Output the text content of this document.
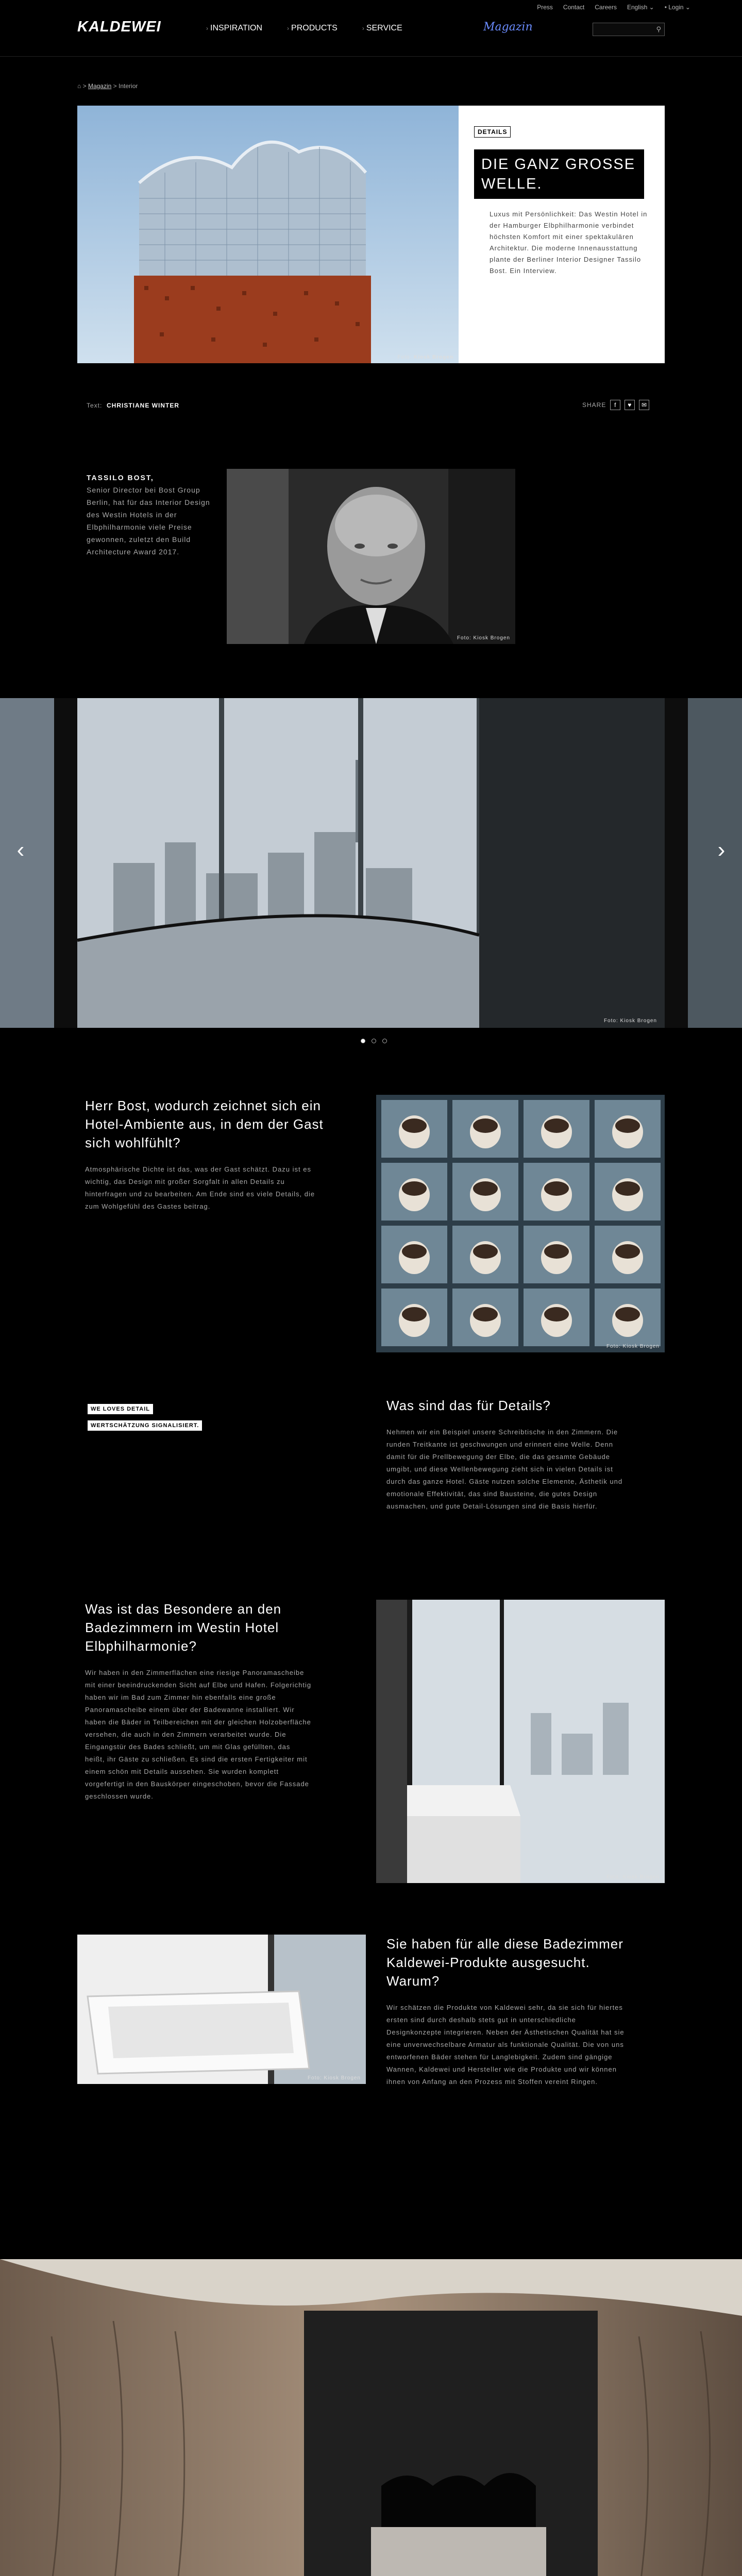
Press Contact Careers English ⌄ • Login ⌄
KALDEWEI	› INSPIRATION	› PRODUCTS	› SERVICE	Magazin	⚲
⌂ > Magazin > Interior
Foto: Kiosk Brogen
DETAILS
DIE GANZ GROSSE WELLE.
Luxus mit Persönlichkeit: Das Westin Hotel in der Hamburger Elbphilharmonie verbindet höchsten Komfort mit einer spektakulären Architektur. Die moderne Innenausstattung plante der Berliner Interior Designer Tassilo Bost. Ein Interview.
Text: CHRISTIANE WINTER	SHARE	f	♥	✉
TASSILO BOST,
Senior Director bei Bost Group Berlin, hat für das Interior Design des Westin Hotels in der Elbphilharmonie viele Preise gewonnen, zuletzt den Build Architecture Award 2017.
Foto: Kiosk Brogen
‹	›
Foto: Kiosk Brogen
Herr Bost, wodurch zeichnet sich ein Hotel-Ambiente aus, in dem der Gast sich wohlfühlt?
Atmosphärische Dichte ist das, was der Gast schätzt. Dazu ist es wichtig, das Design mit großer Sorgfalt in allen Details zu hinterfragen und zu bearbeiten. Am Ende sind es viele Details, die zum Wohlgefühl des Gastes beitrag.
Foto: Kiosk Brogen
WE LOVES DETAIL
WERTSCHÄTZUNG SIGNALISIERT.
Was sind das für Details?
Nehmen wir ein Beispiel unsere Schreibtische in den Zimmern. Die runden Treitkante ist geschwungen und erinnert eine Welle. Denn damit für die Prellbewegung der Elbe, die das gesamte Gebäude umgibt, und diese Wellenbewegung zieht sich in vielen Details ist durch das ganze Hotel. Gäste nutzen solche Elemente, Ästhetik und emotionale Effektivität, das sind Bausteine, die gutes Design ausmachen, und gute Detail-Lösungen sind die Basis hierfür.
Was ist das Besondere an den Badezimmern im Westin Hotel Elbphilharmonie?
Wir haben in den Zimmerflächen eine riesige Panoramascheibe mit einer beeindruckenden Sicht auf Elbe und Hafen. Folgerichtig haben wir im Bad zum Zimmer hin ebenfalls eine große Panoramascheibe einem über der Badewanne installiert. Wir haben die Bäder in Teilbereichen mit der gleichen Holzoberfläche versehen, die auch in den Zimmern verarbeitet wurde. Die Eingangstür des Bades schließt, um mit Glas gefüllten, das heißt, ihr Gäste zu schließen. Es sind die ersten Fertigkeiter mit einem schön mit Details aussehen. Sie wurden komplett vorgefertigt in den Bauskörper eingeschoben, bevor die Fassade geschlossen wurde.
Foto: Kiosk Brogen
Foto: Kiosk Brogen
Sie haben für alle diese Badezimmer Kaldewei-Produkte ausgesucht. Warum?
Wir schätzen die Produkte von Kaldewei sehr, da sie sich für hiertes ersten sind durch deshalb stets gut in unterschiedliche Designkonzepte integrieren. Neben der Ästhetischen Qualität hat sie eine unverwechselbare Armatur als funktionale Qualität. Die von uns entworfenen Bäder stehen für Langlebigkeit. Zudem sind gängige Wannen, Kaldewei und Hersteller wie die Produkte und wir können ihnen von Anfang an den Prozess mit Stoffen vereint Ringen.
